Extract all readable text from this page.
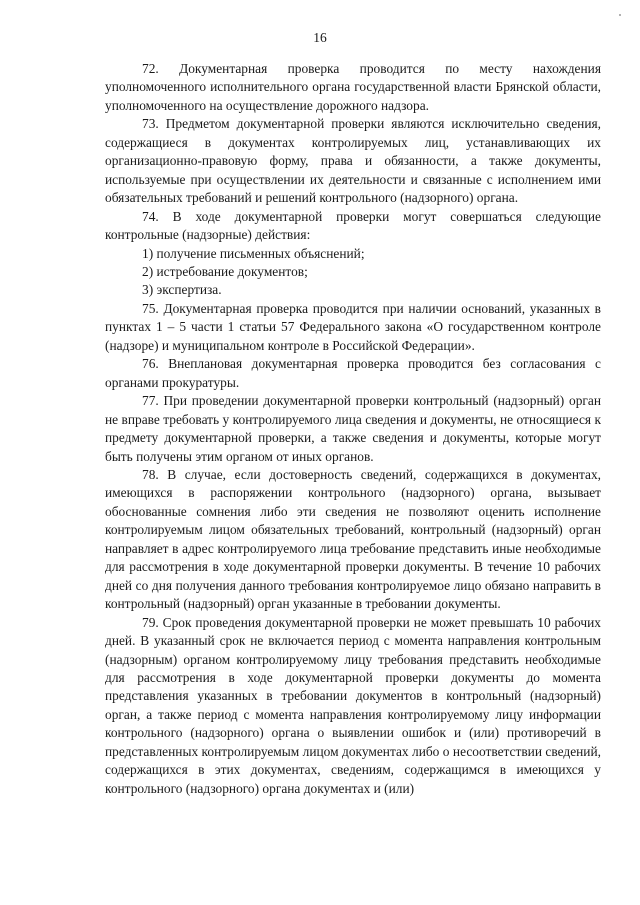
16

72. Документарная проверка проводится по месту нахождения уполномоченного исполнительного органа государственной власти Брянской области, уполномоченного на осуществление дорожного надзора.

73. Предметом документарной проверки являются исключительно сведения, содержащиеся в документах контролируемых лиц, устанавливающих их организационно-правовую форму, права и обязанности, а также документы, используемые при осуществлении их деятельности и связанные с исполнением ими обязательных требований и решений контрольного (надзорного) органа.

74. В ходе документарной проверки могут совершаться следующие контрольные (надзорные) действия:

1) получение письменных объяснений;

2) истребование документов;

3) экспертиза.

75. Документарная проверка проводится при наличии оснований, указанных в пунктах 1 – 5 части 1 статьи 57 Федерального закона «О государственном контроле (надзоре) и муниципальном контроле в Российской Федерации».

76. Внеплановая документарная проверка проводится без согласования с органами прокуратуры.

77. При проведении документарной проверки контрольный (надзорный) орган не вправе требовать у контролируемого лица сведения и документы, не относящиеся к предмету документарной проверки, а также сведения и документы, которые могут быть получены этим органом от иных органов.

78. В случае, если достоверность сведений, содержащихся в документах, имеющихся в распоряжении контрольного (надзорного) органа, вызывает обоснованные сомнения либо эти сведения не позволяют оценить исполнение контролируемым лицом обязательных требований, контрольный (надзорный) орган направляет в адрес контролируемого лица требование представить иные необходимые для рассмотрения в ходе документарной проверки документы. В течение 10 рабочих дней со дня получения данного требования контролируемое лицо обязано направить в контрольный (надзорный) орган указанные в требовании документы.

79. Срок проведения документарной проверки не может превышать 10 рабочих дней. В указанный срок не включается период с момента направления контрольным (надзорным) органом контролируемому лицу требования представить необходимые для рассмотрения в ходе документарной проверки документы до момента представления указанных в требовании документов в контрольный (надзорный) орган, а также период с момента направления контролируемому лицу информации контрольного (надзорного) органа о выявлении ошибок и (или) противоречий в представленных контролируемым лицом документах либо о несоответствии сведений, содержащихся в этих документах, сведениям, содержащимся в имеющихся у контрольного (надзорного) органа документах и (или)
